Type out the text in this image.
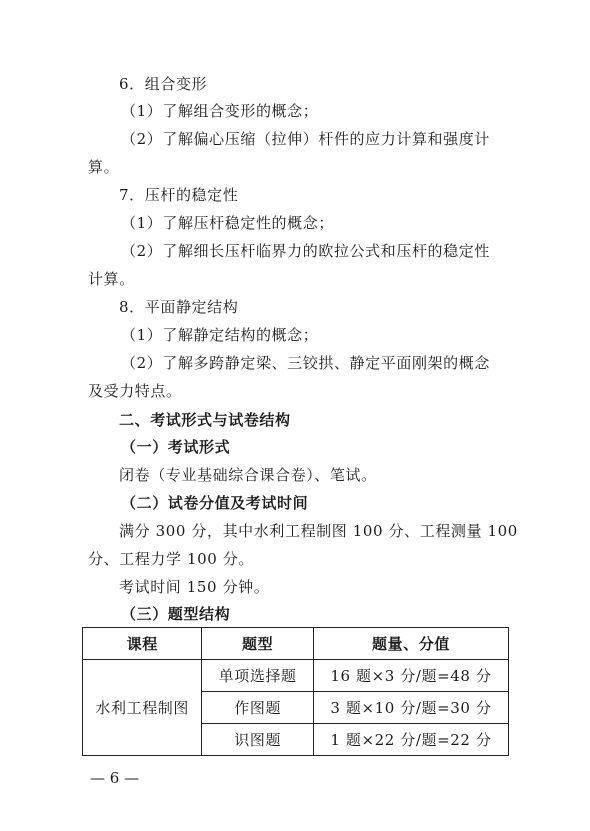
6．组合变形
（1）了解组合变形的概念；
（2）了解偏心压缩（拉伸）杆件的应力计算和强度计
算。
7．压杆的稳定性
（1）了解压杆稳定性的概念；
（2）了解细长压杆临界力的欧拉公式和压杆的稳定性
计算。
8．平面静定结构
（1）了解静定结构的概念；
（2）了解多跨静定梁、三铰拱、静定平面刚架的概念
及受力特点。
二、考试形式与试卷结构
（一）考试形式
闭卷（专业基础综合课合卷）、笔试。
（二）试卷分值及考试时间
满分 300 分，其中水利工程制图 100 分、工程测量 100
分、工程力学 100 分。
考试时间 150 分钟。
（三）题型结构
课程	题型	题量、分值
水利工程制图	单项选择题	16 题×3 分/题=48 分
	作图题	3 题×10 分/题=30 分
	识图题	1 题×22 分/题=22 分
— 6 —
